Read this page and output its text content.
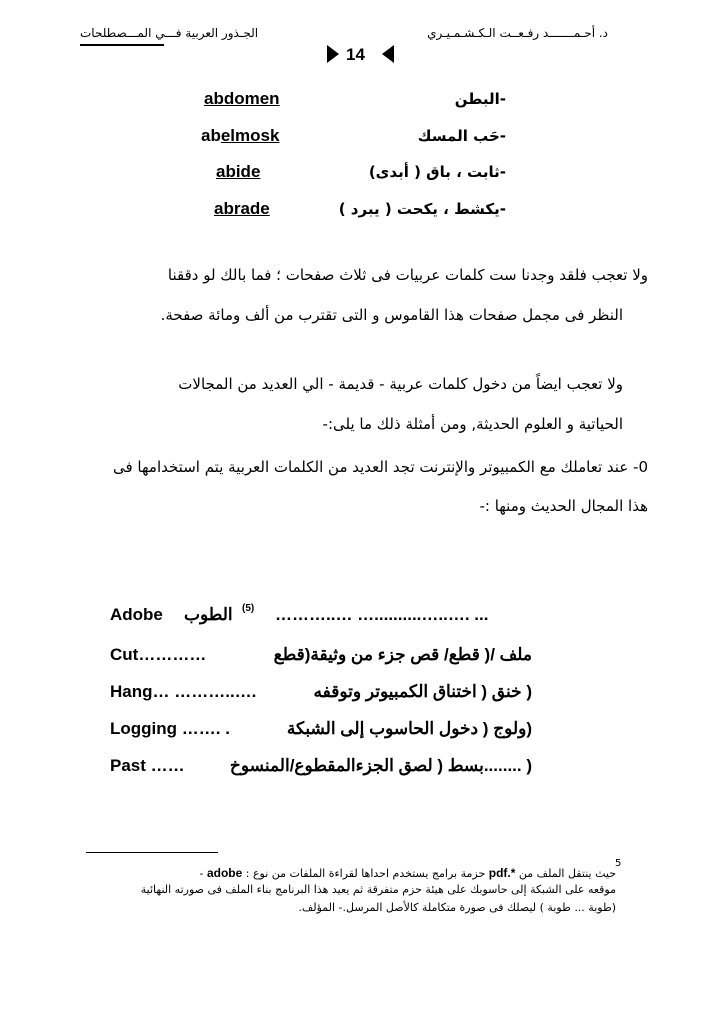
د. أحـمـــــــد رفـعــت الـكـشـمـيـري
الجـذور العربية فـــي المـــصطلحات
14
abdomen	-البطن
abelmosk	-حَب المسك
abide	-ثابت ، باق ( أبدى)
abrade	-يكشط ، يكحت ( يبرد )
ولا تعجب فلقد وجدنا ست كلمات عربيات فى ثلاث صفحات ؛ فما بالك لو دققنا
النظر فى مجمل صفحات هذا القاموس و التى تقترب من ألف ومائة صفحة.
ولا تعجب ايضاً من دخول كلمات عربية - قديمة - الي العديد من المجالات
الحياتية و العلوم الحديثة, ومن أمثلة ذلك ما يلى:-
0- عند تعاملك مع الكمبيوتر والإنترنت تجد العديد من الكلمات العربية يتم استخدامها فى
هذا المجال الحديث ومنها :-
Adobe الطوب (5) ………..… …..........…..…. ...
Cut…………	ملف /( قطع/ قص جزء من وثيقة(قطع
Hang… ………..….	( خنق ( اختناق الكمبيوتر وتوقفه
Logging ……. .	(ولوج ( دخول الحاسوب إلى الشبكة
Past ……	( ........بسط ( لصق الجزءالمقطوع/المنسوخ
5
- adobe : حزمة برامج يستخدم احداها لقراءة الملفات من نوع pdf.* حيث ينتقل الملف من
موقعه على الشبكة إلى حاسوبك على هيئة حزم متفرقة ثم يعيد هذا البرنامج بناء الملف فى صورته النهائية
(طوبة ... طوبة ) ليصلك فى صورة متكاملة كالأصل المرسل.- المؤلف.
